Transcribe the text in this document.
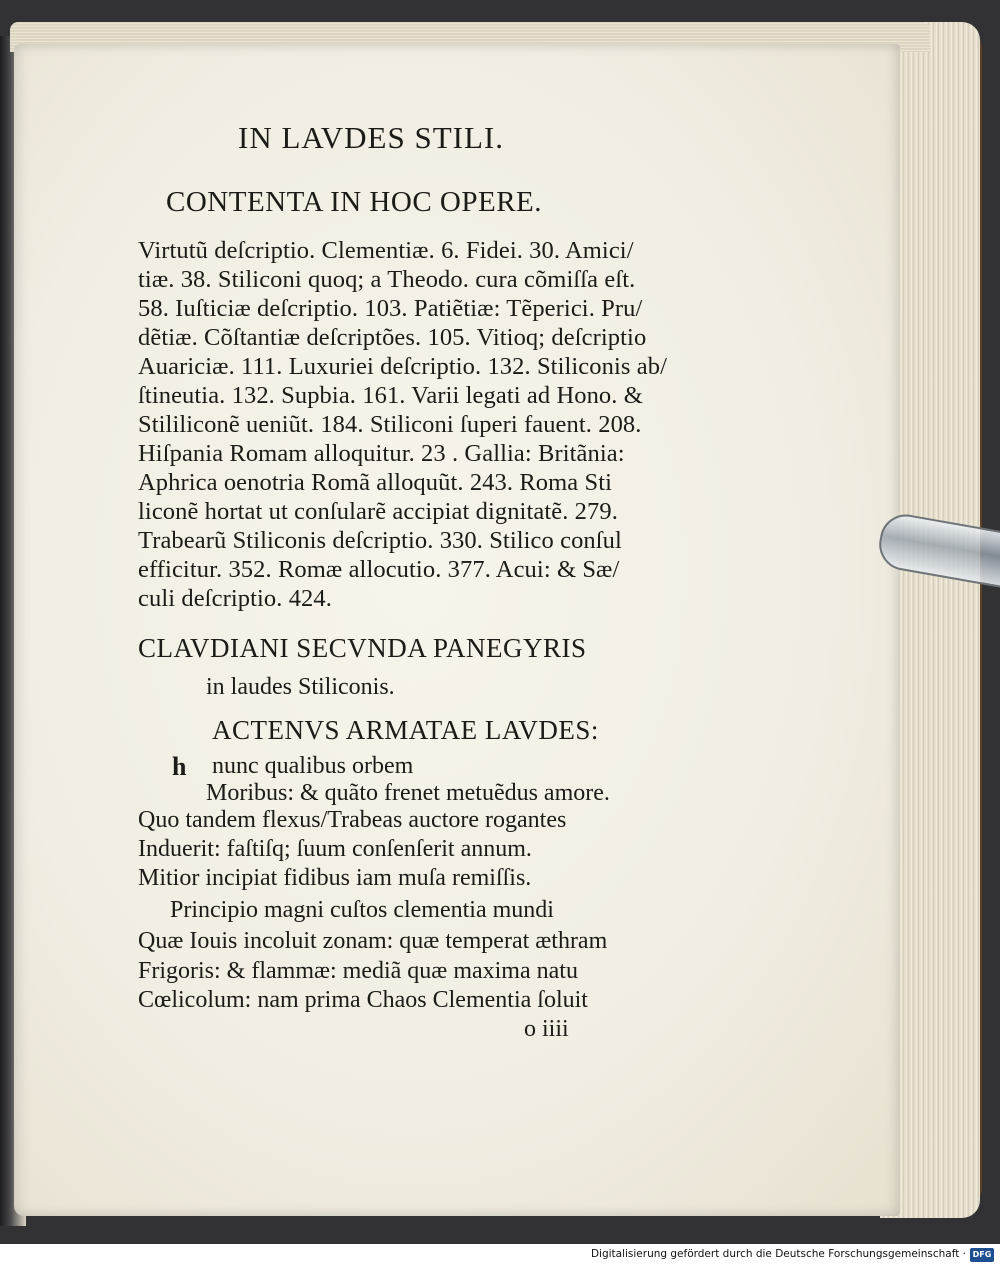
IN LAVDES STILI.
CONTENTA IN HOC OPERE.
Virtutũ deſcriptio. Clementiæ. 6. Fidei. 30. Amici/
tiæ. 38. Stiliconi quoq; a Theodo. cura cõmiſſa eſt.
58. Iuſticiæ deſcriptio. 103. Patiẽtiæ: Tẽperici. Pru/
dẽtiæ. Cõſtantiæ deſcriptões. 105. Vitioq; deſcriptio
Auariciæ. 111. Luxuriei deſcriptio. 132. Stiliconis ab/
ſtineutia. 132. Supbia. 161. Varii legati ad Hono. &
Stililiconẽ ueniũt. 184. Stiliconi ſuperi fauent. 208.
Hiſpania Romam alloquitur. 23 . Gallia: Britãnia:
Aphrica oenotria Romã alloquũt. 243. Roma Sti
liconẽ hortat ut conſularẽ accipiat dignitatẽ. 279.
Trabearũ Stiliconis deſcriptio. 330. Stilico conſul
efficitur. 352. Romæ allocutio. 377. Acui: & Sæ/
culi deſcriptio. 424.
CLAVDIANI SECVNDA PANEGYRIS
in laudes Stiliconis.
ACTENVS ARMATAE LAVDES:
h nunc qualibus orbem
Moribus: & quãto frenet metuẽdus amore.
Quo tandem flexus/Trabeas auctore rogantes
Induerit: faſtiſq; ſuum conſenſerit annum.
Mitior incipiat fidibus iam muſa remiſſis.
Principio magni cuſtos clementia mundi
Quæ Iouis incoluit zonam: quæ temperat æthram
Frigoris: & flammæ: mediã quæ maxima natu
Cœlicolum: nam prima Chaos Clementia ſoluit
o iiii
Digitalisierung gefördert durch die Deutsche Forschungsgemeinschaft · DFG
